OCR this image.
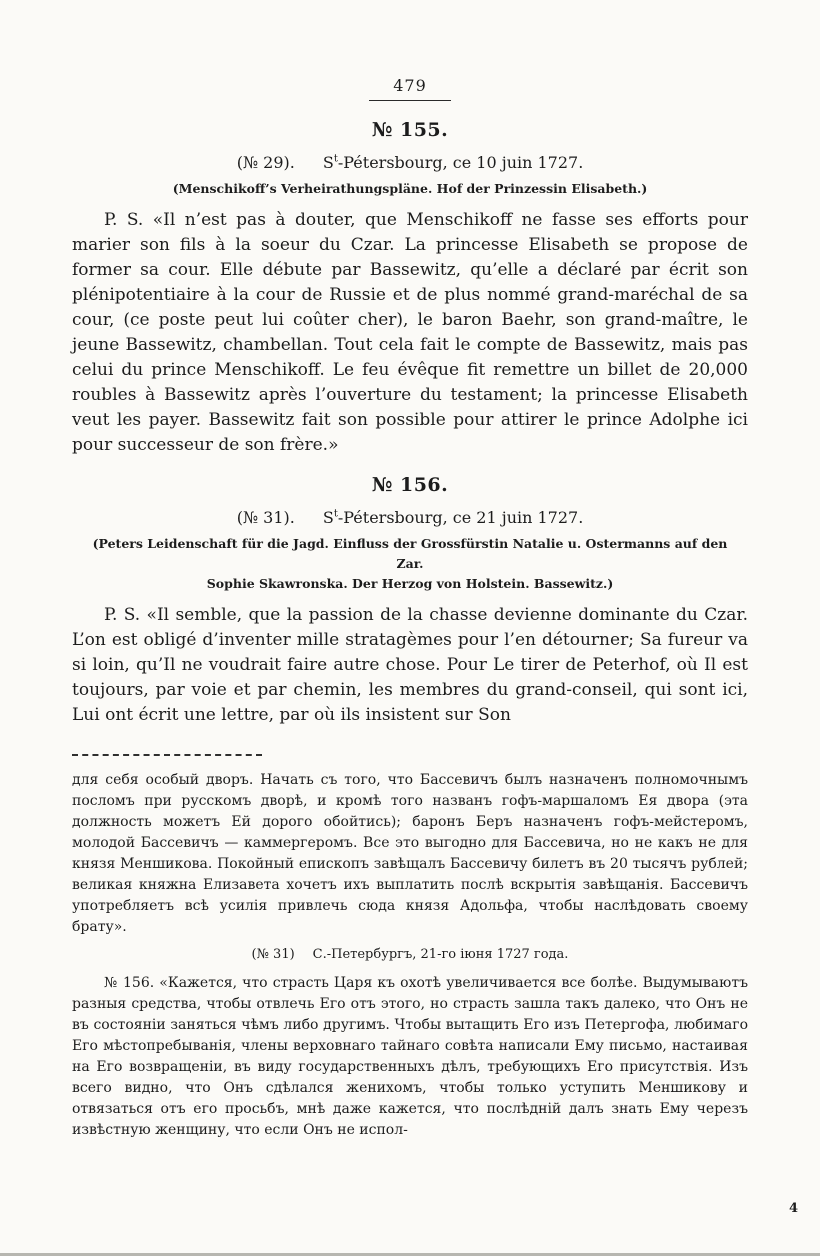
479
№ 155.
(№ 29). $S^t$-Pétersbourg, ce 10 juin 1727.
(Menschikoff’s Verheirathungspläne. Hof der Prinzessin Elisabeth.)

P. S. «Il n’est pas à douter, que Menschikoff ne fasse ses efforts pour marier son fils à la soeur du Czar. La princesse Elisabeth se propose de former sa cour. Elle débute par Bassewitz, qu’elle a déclaré par écrit son plénipotentiaire à la cour de Russie et de plus nommé grand-maréchal de sa cour, (ce poste peut lui coûter cher), le baron Baehr, son grand-maître, le jeune Bassewitz, chambellan. Tout cela fait le compte de Bassewitz, mais pas celui du prince Menschikoff. Le feu évêque fit remettre un billet de 20,000 roubles à Bassewitz après l’ouverture du testament; la princesse Elisabeth veut les payer. Bassewitz fait son possible pour attirer le prince Adolphe ici pour successeur de son frère.»

№ 156.
(№ 31). $S^t$-Pétersbourg, ce 21 juin 1727.
(Peters Leidenschaft für die Jagd. Einfluss der Grossfürstin Natalie u. Ostermanns auf den Zar.
Sophie Skawronska. Der Herzog von Holstein. Bassewitz.)

P. S. «Il semble, que la passion de la chasse devienne dominante du Czar. L’on est obligé d’inventer mille stratagèmes pour l’en détourner; Sa fureur va si loin, qu’Il ne voudrait faire autre chose. Pour Le tirer de Peterhof, où Il est toujours, par voie et par chemin, les membres du grand-conseil, qui sont ici, Lui ont écrit une lettre, par où ils insistent sur Son

для себя особый дворъ. Начать съ того, что Бассевичъ былъ назначенъ полномочнымъ посломъ при русскомъ дворѣ, и кромѣ того названъ гофъ-маршаломъ Ея двора (эта должность можетъ Ей дорого обойтись); баронъ Беръ назначенъ гофъ-мейстеромъ, молодой Бассевичъ — каммергеромъ. Все это выгодно для Бассевича, но не какъ не для князя Меншикова. Покойный епископъ завѣщалъ Бассевичу билетъ въ 20 тысячъ рублей; великая княжна Елизавета хочетъ ихъ выплатить послѣ вскрытія завѣщанія. Бассевичъ употребляетъ всѣ усилія привлечь сюда князя Адольфа, чтобы наслѣдовать своему брату».

(№ 31) С.-Петербургъ, 21-го іюня 1727 года.

№ 156. «Кажется, что страсть Царя къ охотѣ увеличивается все болѣе. Выдумываютъ разныя средства, чтобы отвлечь Его отъ этого, но страсть зашла такъ далеко, что Онъ не въ состояніи заняться чѣмъ либо другимъ. Чтобы вытащить Его изъ Петергофа, любимаго Его мѣстопребыванія, члены верховнаго тайнаго совѣта написали Ему письмо, настаивая на Его возвращеніи, въ виду государственныхъ дѣлъ, требующихъ Его присутствія. Изъ всего видно, что Онъ сдѣлался женихомъ, чтобы только уступить Меншикову и отвязаться отъ его просьбъ, мнѣ даже кажется, что послѣдній далъ знать Ему черезъ извѣстную женщину, что если Онъ не испол-

4
